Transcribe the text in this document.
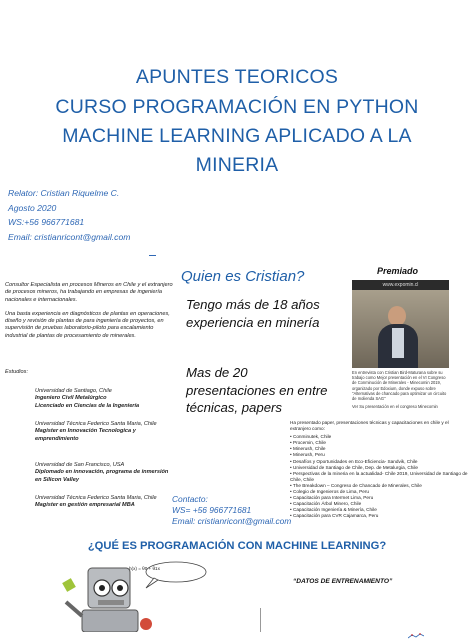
APUNTES TEORICOS
CURSO PROGRAMACIÓN EN PYTHON
MACHINE LEARNING APLICADO A LA
MINERIA
Relator: Cristian Riquelme C.
Agosto 2020
WS:+56 966771681
Email: cristianricont@gmail.com
Consultor Especialista en procesos Mineros en Chile y el extranjero de procesos mineros, ha trabajando en empresas de ingeniería nacionales e internacionales.
Una basta experiencia en diagnósticos de plantas en operaciones, diseño y revisión de plantas de para ingeniería de proyectos, en supervisión de pruebas laboratorio-piloto para escalamiento industrial de plantas de procesamiento de minerales.
Estudios:
Universidad de Santiago, Chile
Ingeniero Civil Metalúrgico
Licenciado en Ciencias de la Ingeniería
Universidad Técnica Federico Santa Maria, Chile
Magister en Innovación Tecnologica y emprendimiento
Universidad de San Francisco, USA
Diplomado en innovación, programa de inmersión en Silicon Valley
Universidad Técnica Federico Santa Maria, Chile
Magister en gestión empresarial MBA
Quien es Cristian?
Tengo más de 18 años experiencia en minería
Mas de 20 presentaciones en entre técnicas, papers
Premiado
www.expomin.cl
En entrevista con Cristian Bird-Maturana sobre su trabajo como Mejor presentación en el VI Congreso de Conminución de Minerales - Minecomin 2019, organizado por Edoxium, donde expuso sobre "Alternativas de chancado para optimizar un circuito de molienda SAG"
Ver Su presentación en el congreso Minecomin
Ha presentado paper, presentaciones técnicas y capacitaciones en chile y el extranjero como:
• Conminutek, Chile
• Procemin, Chile
• Minerush, Chile
• Minerush, Peru
• Desafíos y Oportunidades en Eco-Eficiencia- Sandvik, Chile
• Universidad de Santiago de Chile, Dep. de Metalurgia, Chile
• Perspectivas de la mineria en la actualidad- Chile 2019, Universidad de Santiago de Chile, Chile
• The Breakdown – Congreso de Chancado de Minerales, Chile
• Colegio de Ingenieros de Lima, Peru
• Capacitación para Intermet Lima, Peru
• Capacitación Árbol Minero, Chile
• Capacitación Ingeniería & Minería, Chile
• Capacitación para CVR Cajamarca, Peru
Contacto:
WS= +56 966771681
Email: cristianricont@gmail.com
¿QUÉ ES PROGRAMACIÓN CON MACHINE LEARNING?
h(x) = θ0 + θ1x
“DATOS DE ENTRENAMIENTO”
